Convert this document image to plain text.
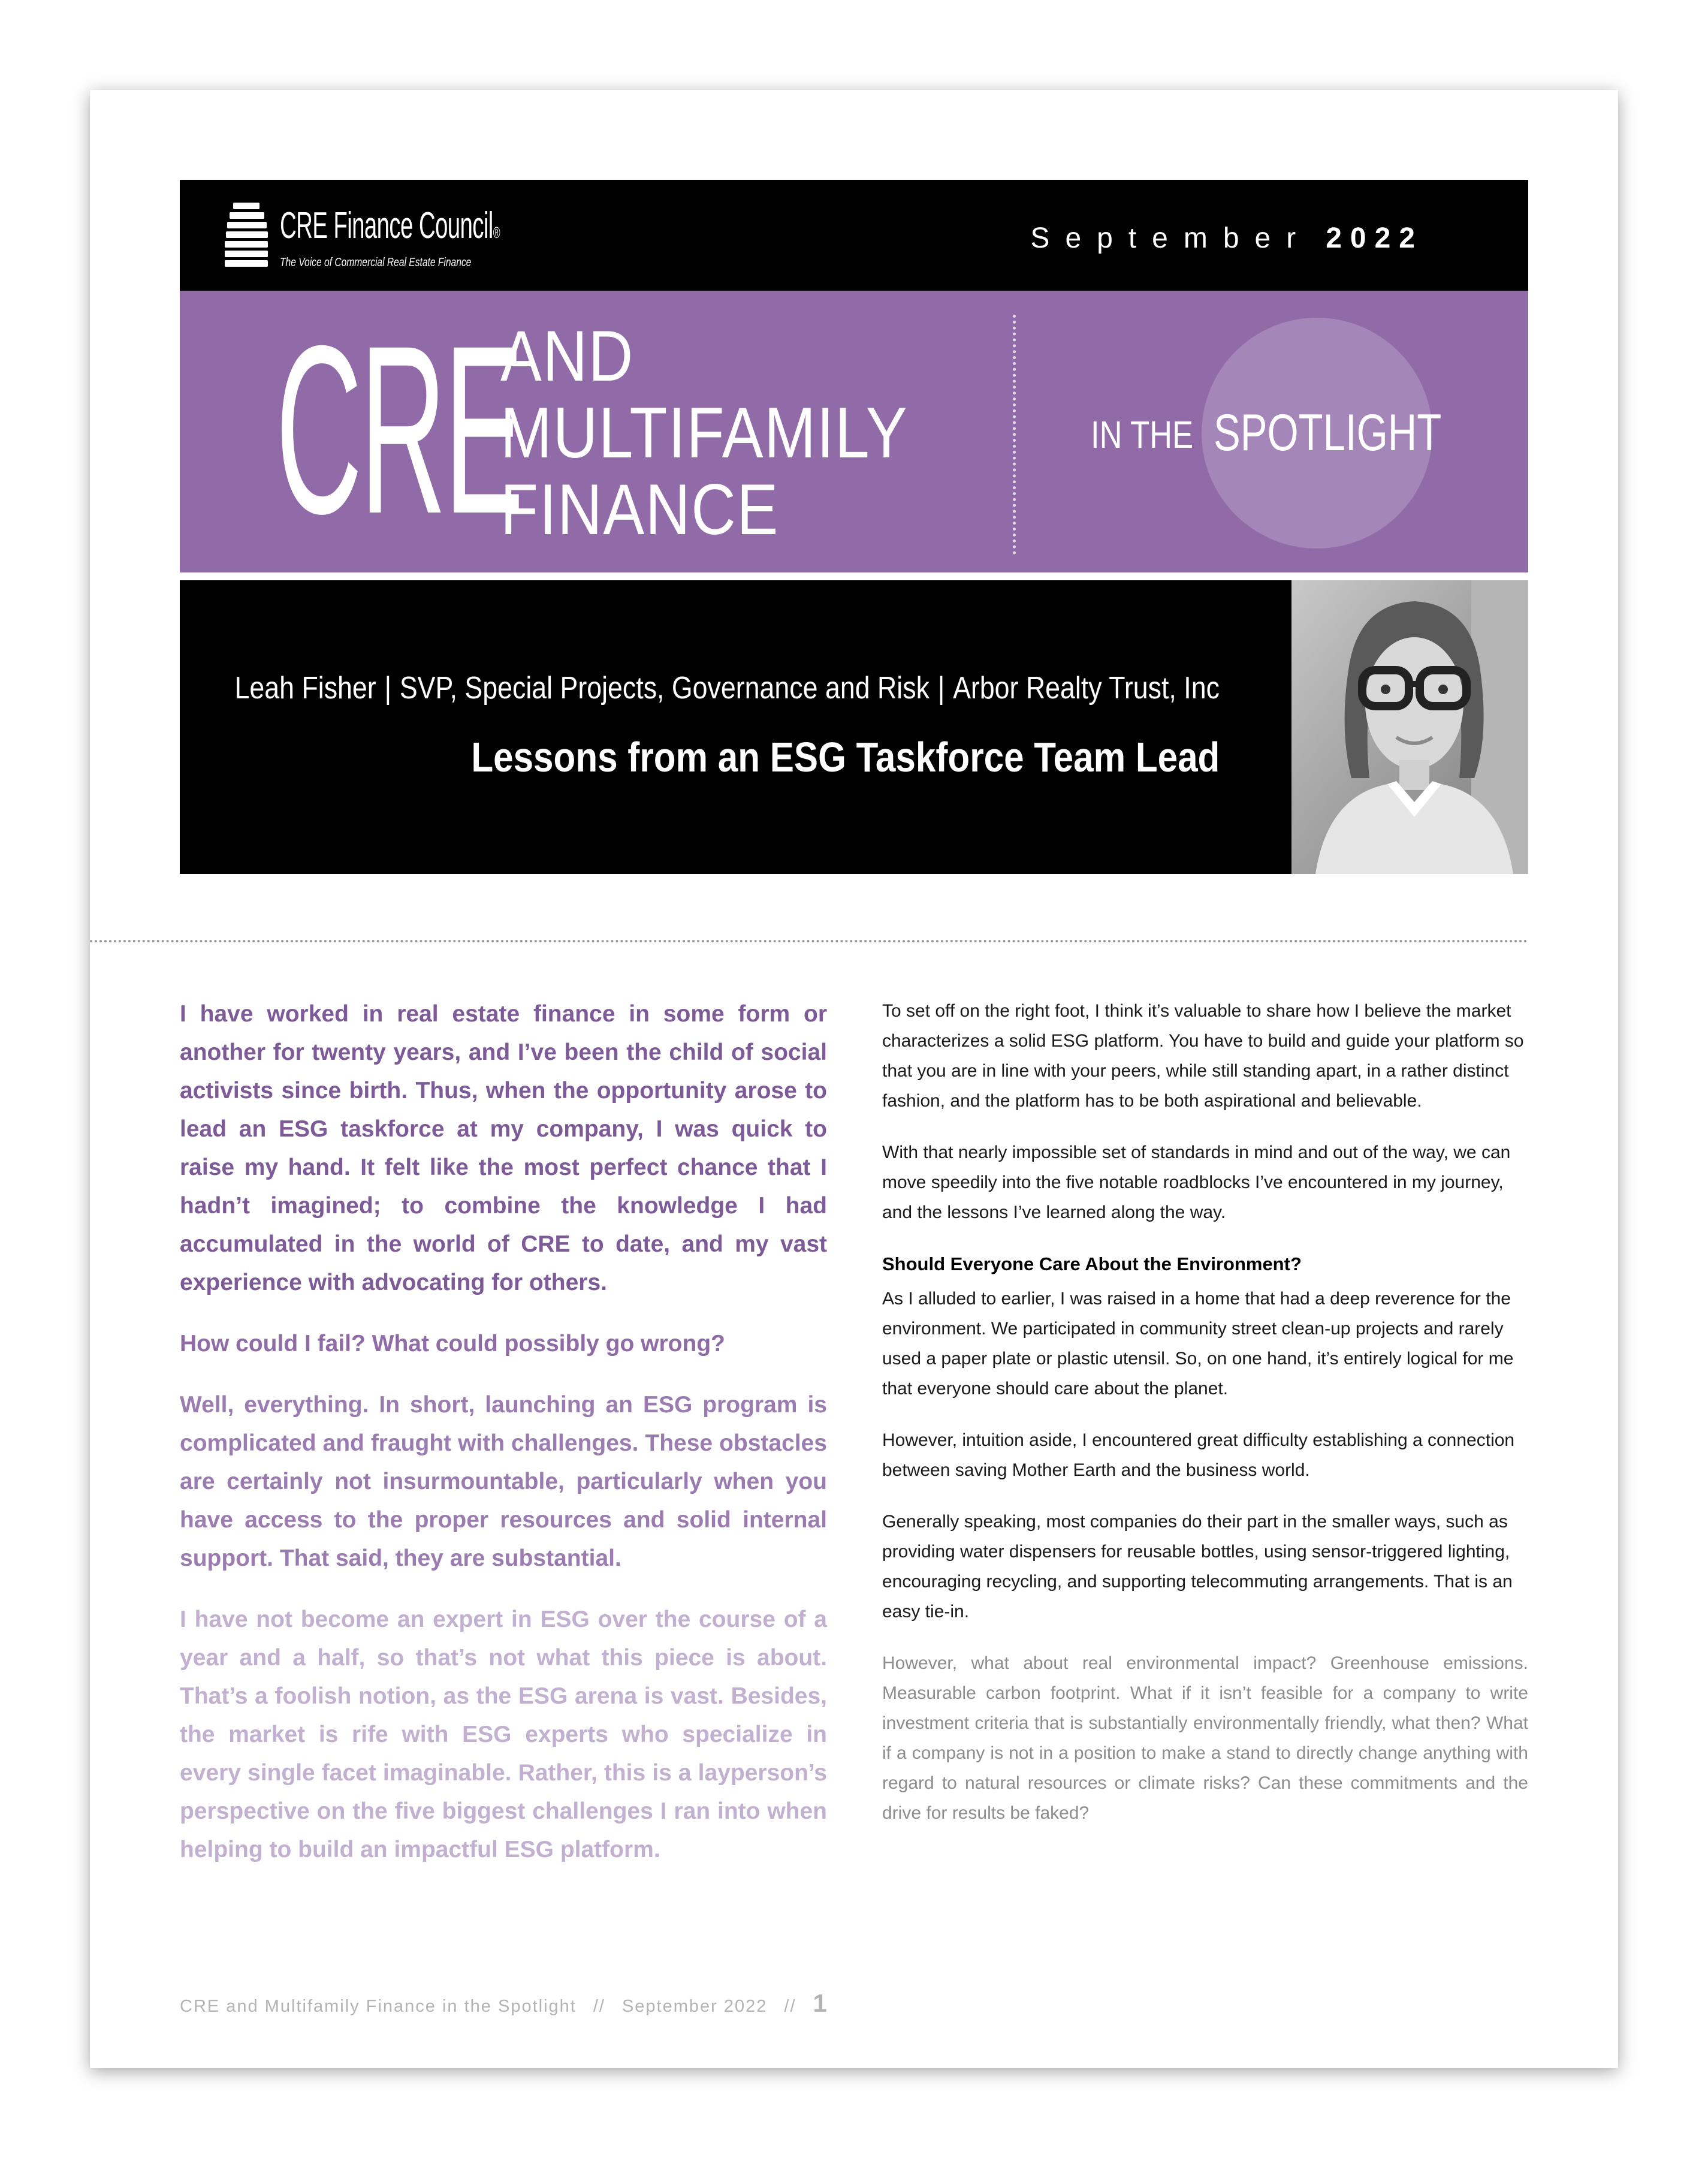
CRE Finance Council®
The Voice of Commercial Real Estate Finance
September 2022
CRE
AND
MULTIFAMILY
FINANCE
IN THE SPOTLIGHT
Leah Fisher | SVP, Special Projects, Governance and Risk | Arbor Realty Trust, Inc
Lessons from an ESG Taskforce Team Lead

I have worked in real estate finance in some form or another for twenty years, and I’ve been the child of social activists since birth. Thus, when the opportunity arose to lead an ESG taskforce at my company, I was quick to raise my hand. It felt like the most perfect chance that I hadn’t imagined; to combine the knowledge I had accumulated in the world of CRE to date, and my vast experience with advocating for others.

How could I fail? What could possibly go wrong?

Well, everything. In short, launching an ESG program is complicated and fraught with challenges. These obstacles are certainly not insurmountable, particularly when you have access to the proper resources and solid internal support. That said, they are substantial.

I have not become an expert in ESG over the course of a year and a half, so that’s not what this piece is about. That’s a foolish notion, as the ESG arena is vast. Besides, the market is rife with ESG experts who specialize in every single facet imaginable. Rather, this is a layperson’s perspective on the five biggest challenges I ran into when helping to build an impactful ESG platform.

To set off on the right foot, I think it’s valuable to share how I believe the market characterizes a solid ESG platform. You have to build and guide your platform so that you are in line with your peers, while still standing apart, in a rather distinct fashion, and the platform has to be both aspirational and believable.

With that nearly impossible set of standards in mind and out of the way, we can move speedily into the five notable roadblocks I’ve encountered in my journey, and the lessons I’ve learned along the way.

Should Everyone Care About the Environment?

As I alluded to earlier, I was raised in a home that had a deep reverence for the environment. We participated in community street clean-up projects and rarely used a paper plate or plastic utensil. So, on one hand, it’s entirely logical for me that everyone should care about the planet.

However, intuition aside, I encountered great difficulty establishing a connection between saving Mother Earth and the business world.

Generally speaking, most companies do their part in the smaller ways, such as providing water dispensers for reusable bottles, using sensor-triggered lighting, encouraging recycling, and supporting telecommuting arrangements. That is an easy tie-in.

However, what about real environmental impact? Greenhouse emissions. Measurable carbon footprint. What if it isn’t feasible for a company to write investment criteria that is substantially environmentally friendly, what then? What if a company is not in a position to make a stand to directly change anything with regard to natural resources or climate risks? Can these commitments and the drive for results be faked?

CRE and Multifamily Finance in the Spotlight // September 2022 // 1
